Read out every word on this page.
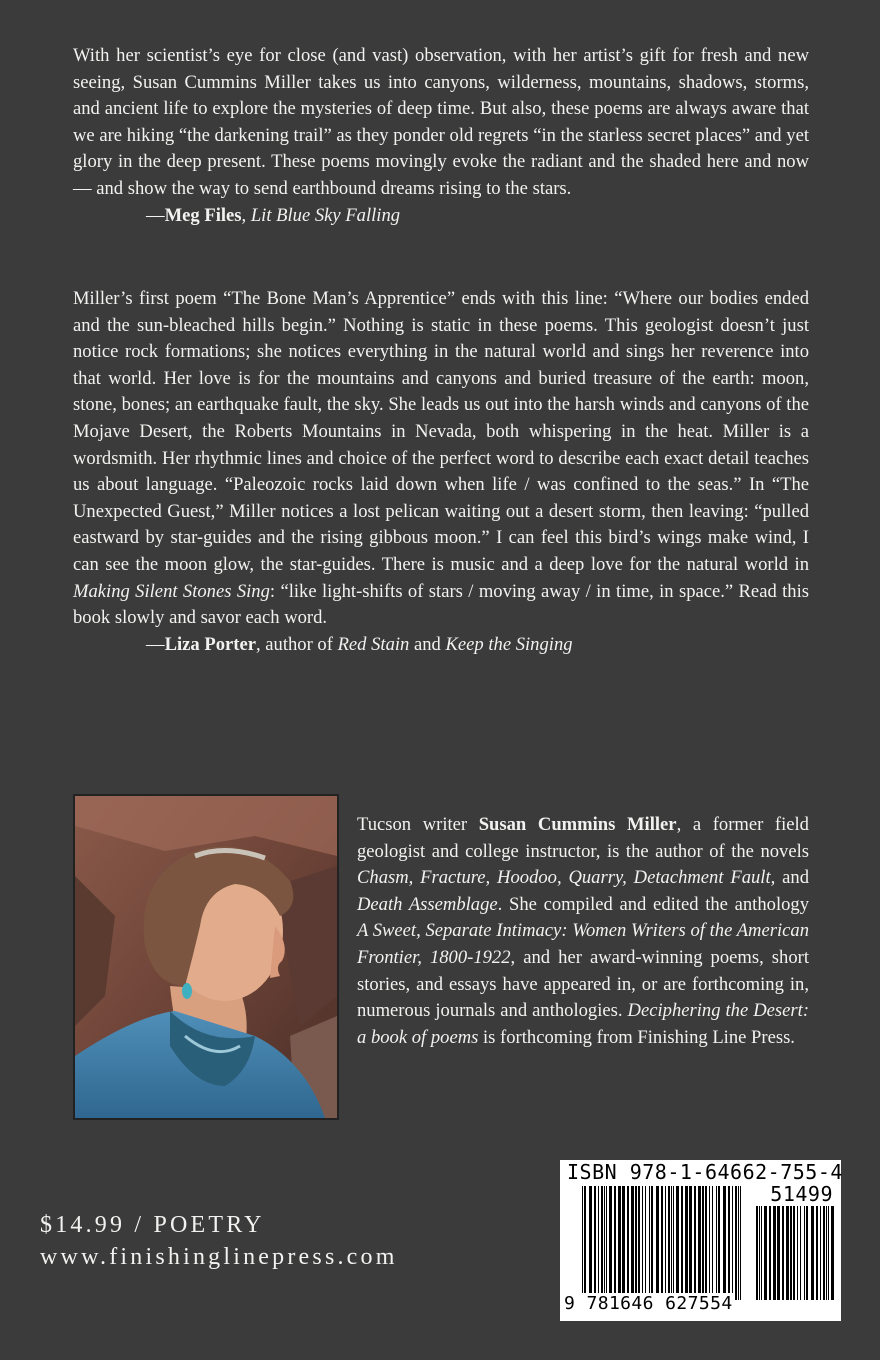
With her scientist’s eye for close (and vast) observation, with her artist’s gift for fresh and new seeing, Susan Cummins Miller takes us into canyons, wilderness, mountains, shadows, storms, and ancient life to explore the mysteries of deep time. But also, these poems are always aware that we are hiking “the darkening trail” as they ponder old regrets “in the starless secret places” and yet glory in the deep present. These poems movingly evoke the radiant and the shaded here and now — and show the way to send earthbound dreams rising to the stars.

—Meg Files, Lit Blue Sky Falling

Miller’s first poem “The Bone Man’s Apprentice” ends with this line: “Where our bodies ended and the sun-bleached hills begin.” Nothing is static in these poems. This geologist doesn’t just notice rock formations; she notices everything in the natural world and sings her reverence into that world. Her love is for the mountains and canyons and buried treasure of the earth: moon, stone, bones; an earthquake fault, the sky. She leads us out into the harsh winds and canyons of the Mojave Desert, the Roberts Mountains in Nevada, both whispering in the heat. Miller is a wordsmith. Her rhythmic lines and choice of the perfect word to describe each exact detail teaches us about language. “Paleozoic rocks laid down when life / was confined to the seas.” In “The Unexpected Guest,” Miller notices a lost pelican waiting out a desert storm, then leaving: “pulled eastward by star-guides and the rising gibbous moon.” I can feel this bird’s wings make wind, I can see the moon glow, the star-guides. There is music and a deep love for the natural world in Making Silent Stones Sing: “like light-shifts of stars / moving away / in time, in space.” Read this book slowly and savor each word.

—Liza Porter, author of Red Stain and Keep the Singing

Tucson writer Susan Cummins Miller, a former field geologist and college instructor, is the author of the novels Chasm, Fracture, Hoodoo, Quarry, Detachment Fault, and Death Assemblage. She compiled and edited the anthology A Sweet, Separate Intimacy: Women Writers of the American Frontier, 1800-1922, and her award-winning poems, short stories, and essays have appeared in, or are forthcoming in, numerous journals and anthologies. Deciphering the Desert: a book of poems is forthcoming from Finishing Line Press.

$14.99 / POETRY
www.finishinglinepress.com
ISBN 978-1-64662-755-4
51499
9 781646 627554
